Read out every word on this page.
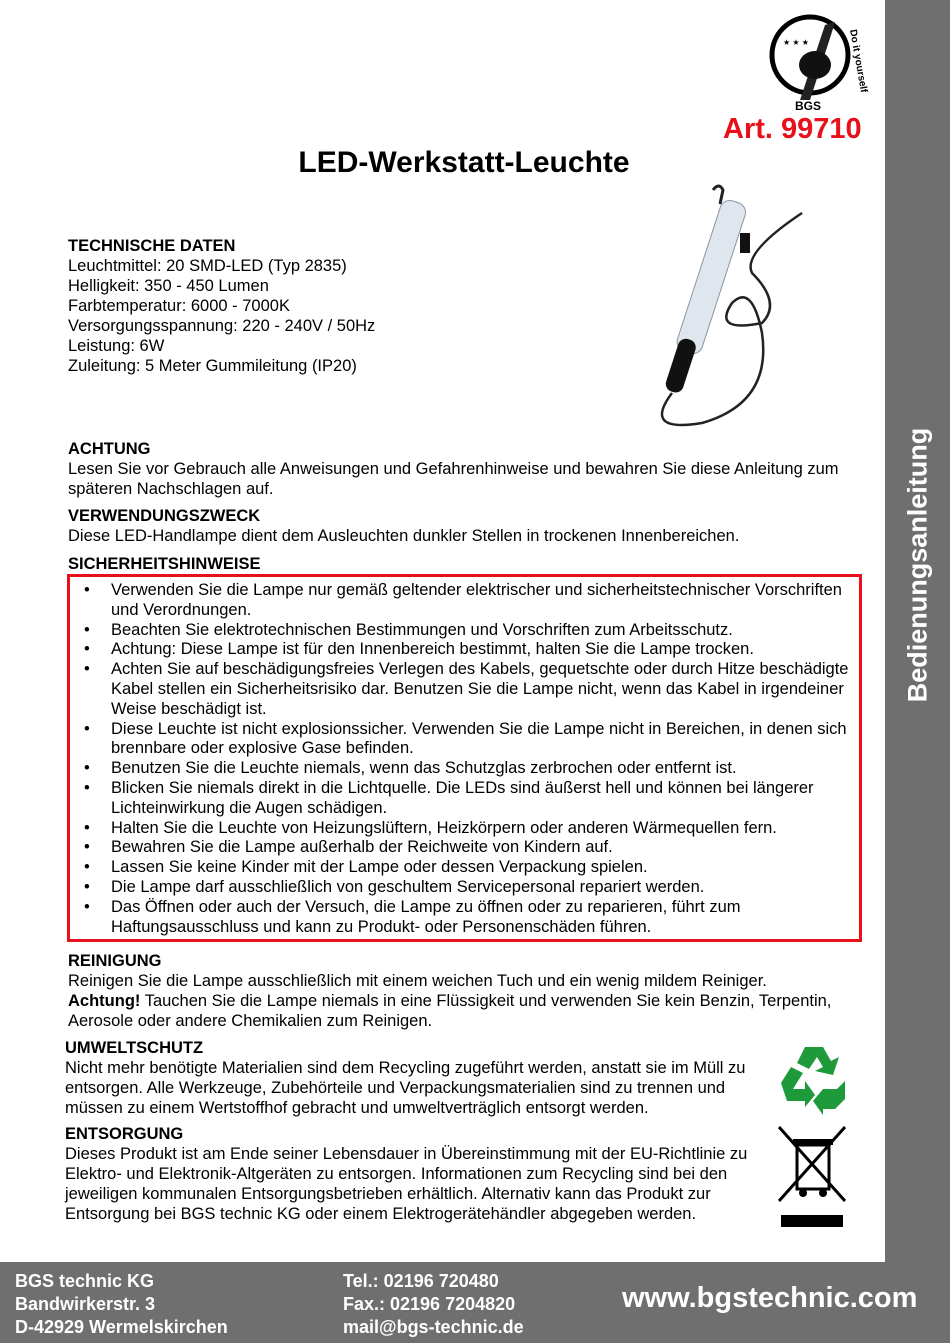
Bedienungsanleitung
★ ★ ★
BGS
Do it yourself
Art. 99710
LED-Werkstatt-Leuchte
TECHNISCHE DATEN
Leuchtmittel: 20 SMD-LED (Typ 2835)
Helligkeit: 350 - 450 Lumen
Farbtemperatur: 6000 - 7000K
Versorgungsspannung: 220 - 240V / 50Hz
Leistung: 6W
Zuleitung: 5 Meter Gummileitung (IP20)
ACHTUNG
Lesen Sie vor Gebrauch alle Anweisungen und Gefahrenhinweise und bewahren Sie diese Anleitung zum späteren Nachschlagen auf.
VERWENDUNGSZWECK
Diese LED-Handlampe dient dem Ausleuchten dunkler Stellen in trockenen Innenbereichen.
SICHERHEITSHINWEISE
• Verwenden Sie die Lampe nur gemäß geltender elektrischer und sicherheitstechnischer Vorschriften und Verordnungen.
• Beachten Sie elektrotechnischen Bestimmungen und Vorschriften zum Arbeitsschutz.
• Achtung: Diese Lampe ist für den Innenbereich bestimmt, halten Sie die Lampe trocken.
• Achten Sie auf beschädigungsfreies Verlegen des Kabels, gequetschte oder durch Hitze beschädigte Kabel stellen ein Sicherheitsrisiko dar. Benutzen Sie die Lampe nicht, wenn das Kabel in irgendeiner Weise beschädigt ist.
• Diese Leuchte ist nicht explosionssicher. Verwenden Sie die Lampe nicht in Bereichen, in denen sich brennbare oder explosive Gase befinden.
• Benutzen Sie die Leuchte niemals, wenn das Schutzglas zerbrochen oder entfernt ist.
• Blicken Sie niemals direkt in die Lichtquelle. Die LEDs sind äußerst hell und können bei längerer Lichteinwirkung die Augen schädigen.
• Halten Sie die Leuchte von Heizungslüftern, Heizkörpern oder anderen Wärmequellen fern.
• Bewahren Sie die Lampe außerhalb der Reichweite von Kindern auf.
• Lassen Sie keine Kinder mit der Lampe oder dessen Verpackung spielen.
• Die Lampe darf ausschließlich von geschultem Servicepersonal repariert werden.
• Das Öffnen oder auch der Versuch, die Lampe zu öffnen oder zu reparieren, führt zum Haftungsausschluss und kann zu Produkt- oder Personenschäden führen.
REINIGUNG
Reinigen Sie die Lampe ausschließlich mit einem weichen Tuch und ein wenig mildem Reiniger.
Achtung! Tauchen Sie die Lampe niemals in eine Flüssigkeit und verwenden Sie kein Benzin, Terpentin, Aerosole oder andere Chemikalien zum Reinigen.
UMWELTSCHUTZ
Nicht mehr benötigte Materialien sind dem Recycling zugeführt werden, anstatt sie im Müll zu entsorgen. Alle Werkzeuge, Zubehörteile und Verpackungsmaterialien sind zu trennen und müssen zu einem Wertstoffhof gebracht und umweltverträglich entsorgt werden.
ENTSORGUNG
Dieses Produkt ist am Ende seiner Lebensdauer in Übereinstimmung mit der EU-Richtlinie zu Elektro- und Elektronik-Altgeräten zu entsorgen. Informationen zum Recycling sind bei den jeweiligen kommunalen Entsorgungsbetrieben erhältlich. Alternativ kann das Produkt zur Entsorgung bei BGS technic KG oder einem Elektrogerätehändler abgegeben werden.
BGS technic KG
Bandwirkerstr. 3
D-42929 Wermelskirchen
Tel.: 02196 720480
Fax.: 02196 7204820
mail@bgs-technic.de
www.bgstechnic.com
